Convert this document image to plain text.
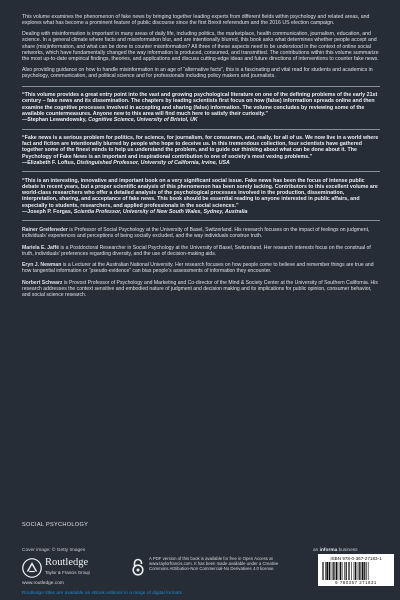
This volume examines the phenomenon of fake news by bringing together leading experts from different fields within psychology and related areas, and explores what has become a prominent feature of public discourse since the first Brexit referendum and the 2016 US election campaign.

Dealing with misinformation is important in many areas of daily life, including politics, the marketplace, health communication, journalism, education, and science. In a general climate where facts and misinformation blur, and are intentionally blurred, this book asks what determines whether people accept and share (mis)information, and what can be done to counter misinformation? All three of these aspects need to be understood in the context of online social networks, which have fundamentally changed the way information is produced, consumed, and transmitted. The contributions within this volume summarize the most up-to-date empirical findings, theories, and applications and discuss cutting-edge ideas and future directions of interventions to counter fake news.

Also providing guidance on how to handle misinformation in an age of “alternative facts”, this is a fascinating and vital read for students and academics in psychology, communication, and political science and for professionals including policy makers and journalists.

“This volume provides a great entry point into the vast and growing psychological literature on one of the defining problems of the early 21st century – fake news and its dissemination. The chapters by leading scientists first focus on how (false) information spreads online and then examine the cognitive processes involved in accepting and sharing (false) information. The volume concludes by reviewing some of the available countermeasures. Anyone new to this area will find much here to satisfy their curiosity.”

—Stephan Lewandowsky, Cognitive Science, University of Bristol, UK

“Fake news is a serious problem for politics, for science, for journalism, for consumers, and, really, for all of us. We now live in a world where fact and fiction are intentionally blurred by people who hope to deceive us. In this tremendous collection, four scientists have gathered together some of the finest minds to help us understand the problem, and to guide our thinking about what can be done about it. The Psychology of Fake News is an important and inspirational contribution to one of society’s most vexing problems.”

—Elizabeth F. Loftus, Distinguished Professor, University of California, Irvine, USA

“This is an interesting, innovative and important book on a very significant social issue. Fake news has been the focus of intense public debate in recent years, but a proper scientific analysis of this phenomenon has been sorely lacking. Contributors to this excellent volume are world-class researchers who offer a detailed analysis of the psychological processes involved in the production, dissemination, interpretation, sharing, and acceptance of fake news. This book should be essential reading to anyone interested in public affairs, and especially to students, researchers, and applied professionals in the social sciences.”

—Joseph P. Forgas, Scientia Professor, University of New South Wales, Sydney, Australia

Rainer Greifeneder is Professor of Social Psychology at the University of Basel, Switzerland. His research focuses on the impact of feelings on judgment, individuals’ experiences and perceptions of being socially excluded, and the way individuals construe truth.

Mariela E. Jaffé is a Postdoctoral Researcher in Social Psychology at the University of Basel, Switzerland. Her research interests focus on the construal of truth, individuals’ preferences regarding diversity, and the use of decision-making aids.

Eryn J. Newman is a Lecturer at the Australian National University. Her research focuses on how people come to believe and remember things are true and how tangential information or “pseudo-evidence” can bias people’s assessments of information they encounter.

Norbert Schwarz is Provost Professor of Psychology and Marketing and Co-director of the Mind & Society Center at the University of Southern California. His research addresses the context sensitive and embodied nature of judgment and decision making and its implications for public opinion, consumer behavior, and social science research.

SOCIAL PSYCHOLOGY
Cover image: © Getty Images	an informa business
Routledge
Taylor & Francis Group
www.routledge.com
A PDF version of this book is available for free in Open Access at www.taylorfrancis.com. It has been made available under a Creative Commons Attribution-Non Commercial-No Derivatives 4.0 license.
ISBN 978-0-367-27183-1
9 780367 271831
Routledge titles are available as eBook editions in a range of digital formats
